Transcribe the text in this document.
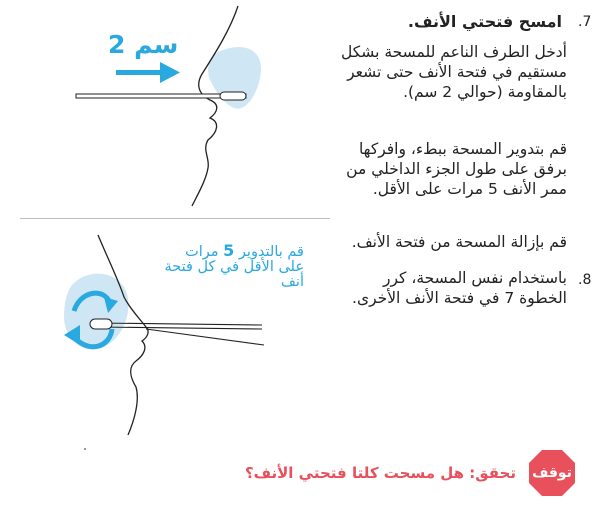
سم 2
.7
امسح فتحتي الأنف.
أدخل الطرف الناعم للمسحة بشكل
مستقيم في فتحة الأنف حتى تشعر
بالمقاومة (حوالي 2 سم).
قم بتدوير المسحة ببطء، وافركها
برفق على طول الجزء الداخلي من
ممر الأنف 5 مرات على الأقل.
قم بإزالة المسحة من فتحة الأنف.
قم بالتدوير 5 مرات
على الأقل في كل فتحة
أنف	.8
باستخدام نفس المسحة، كرر
الخطوة 7 في فتحة الأنف الأخرى.
توقف
تحقق: هل مسحت كلتا فتحتي الأنف؟
